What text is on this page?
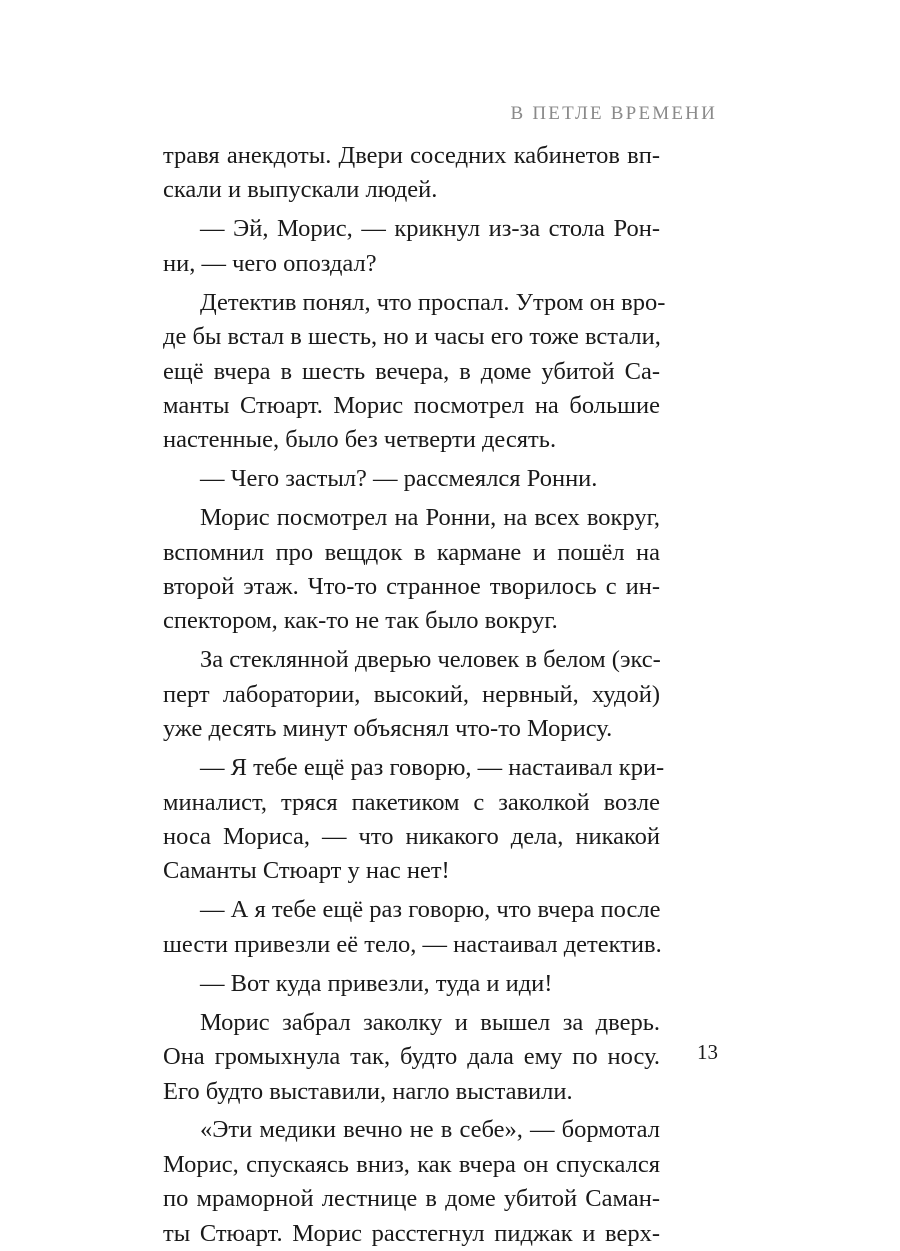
В ПЕТЛЕ ВРЕМЕНИ
травя анекдоты. Двери соседних кабинетов вп-
скали и выпускали людей.
— Эй, Морис, — крикнул из-за стола Рон-
ни, — чего опоздал?
Детектив понял, что проспал. Утром он вро-
де бы встал в шесть, но и часы его тоже встали,
ещё вчера в шесть вечера, в доме убитой Са-
манты Стюарт. Морис посмотрел на большие
настенные, было без четверти десять.
— Чего застыл? — рассмеялся Ронни.
Морис посмотрел на Ронни, на всех вокруг,
вспомнил про вещдок в кармане и пошёл на
второй этаж. Что-то странное творилось с ин-
спектором, как-то не так было вокруг.
За стеклянной дверью человек в белом (экс-
перт лаборатории, высокий, нервный, худой)
уже десять минут объяснял что-то Морису.
— Я тебе ещё раз говорю, — настаивал кри-
миналист, тряся пакетиком с заколкой возле
носа Мориса, — что никакого дела, никакой
Саманты Стюарт у нас нет!
— А я тебе ещё раз говорю, что вчера после
шести привезли её тело, — настаивал детектив.
— Вот куда привезли, туда и иди!
Морис забрал заколку и вышел за дверь.
Она громыхнула так, будто дала ему по носу.
Его будто выставили, нагло выставили.
«Эти медики вечно не в себе», — бормотал
Морис, спускаясь вниз, как вчера он спускался
по мраморной лестнице в доме убитой Саман-
ты Стюарт. Морис расстегнул пиджак и верх-
13
